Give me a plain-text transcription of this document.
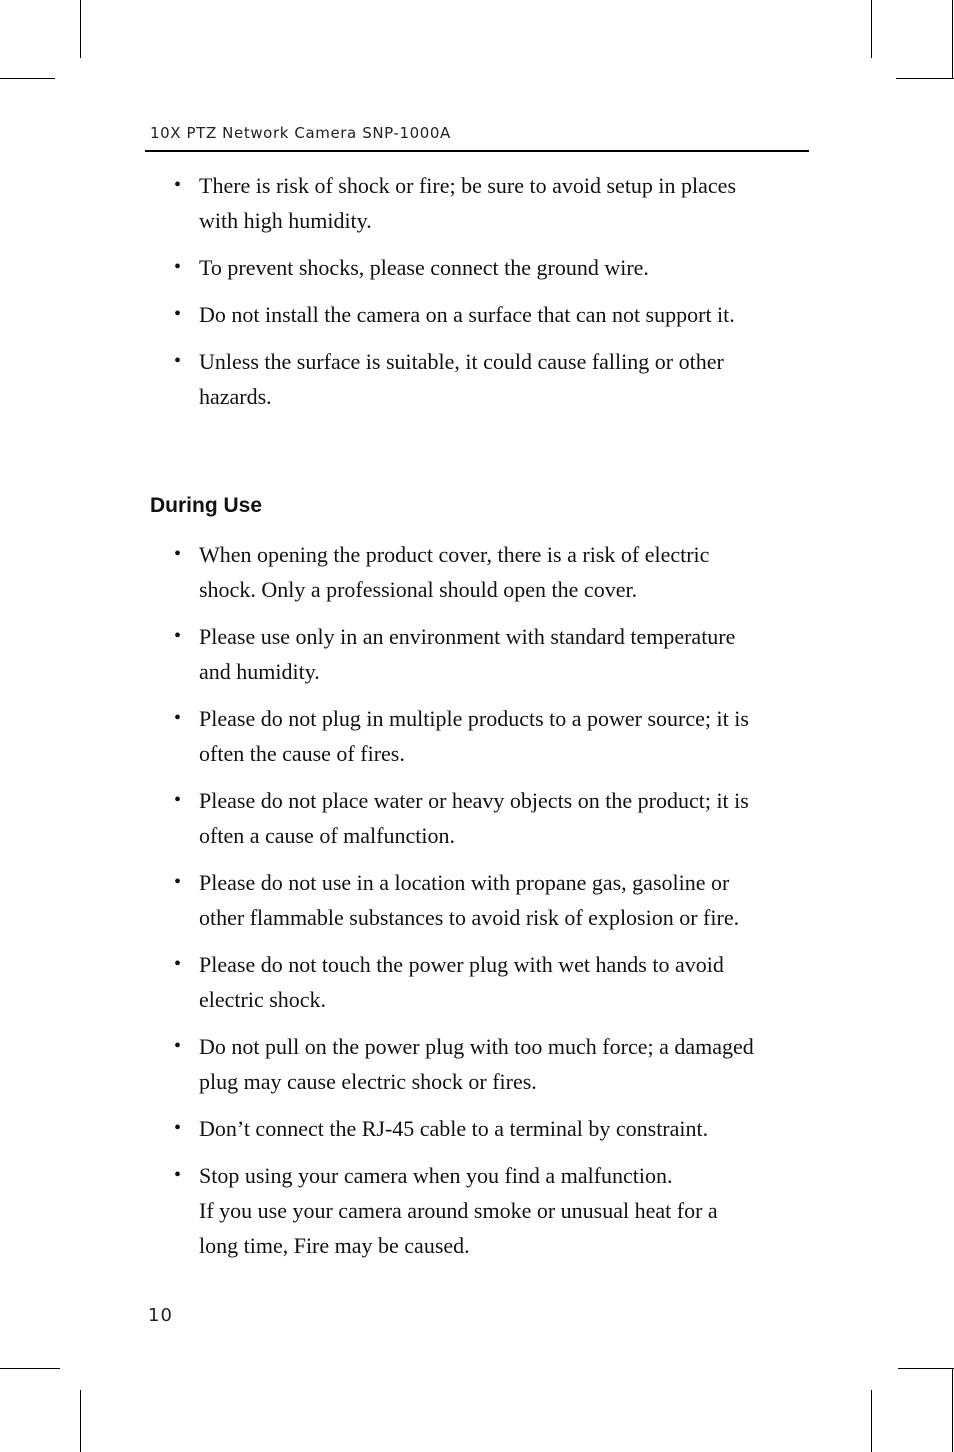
10X PTZ Network Camera SNP-1000A
• There is risk of shock or fire; be sure to avoid setup in places
with high humidity.
• To prevent shocks, please connect the ground wire.
• Do not install the camera on a surface that can not support it.
• Unless the surface is suitable, it could cause falling or other
hazards.
During Use
• When opening the product cover, there is a risk of electric
shock. Only a professional should open the cover.
• Please use only in an environment with standard temperature
and humidity.
• Please do not plug in multiple products to a power source; it is
often the cause of fires.
• Please do not place water or heavy objects on the product; it is
often a cause of malfunction.
• Please do not use in a location with propane gas, gasoline or
other flammable substances to avoid risk of explosion or fire.
• Please do not touch the power plug with wet hands to avoid
electric shock.
• Do not pull on the power plug with too much force; a damaged
plug may cause electric shock or fires.
• Don’t connect the RJ-45 cable to a terminal by constraint.
• Stop using your camera when you find a malfunction.
If you use your camera around smoke or unusual heat for a
long time, Fire may be caused.
10
